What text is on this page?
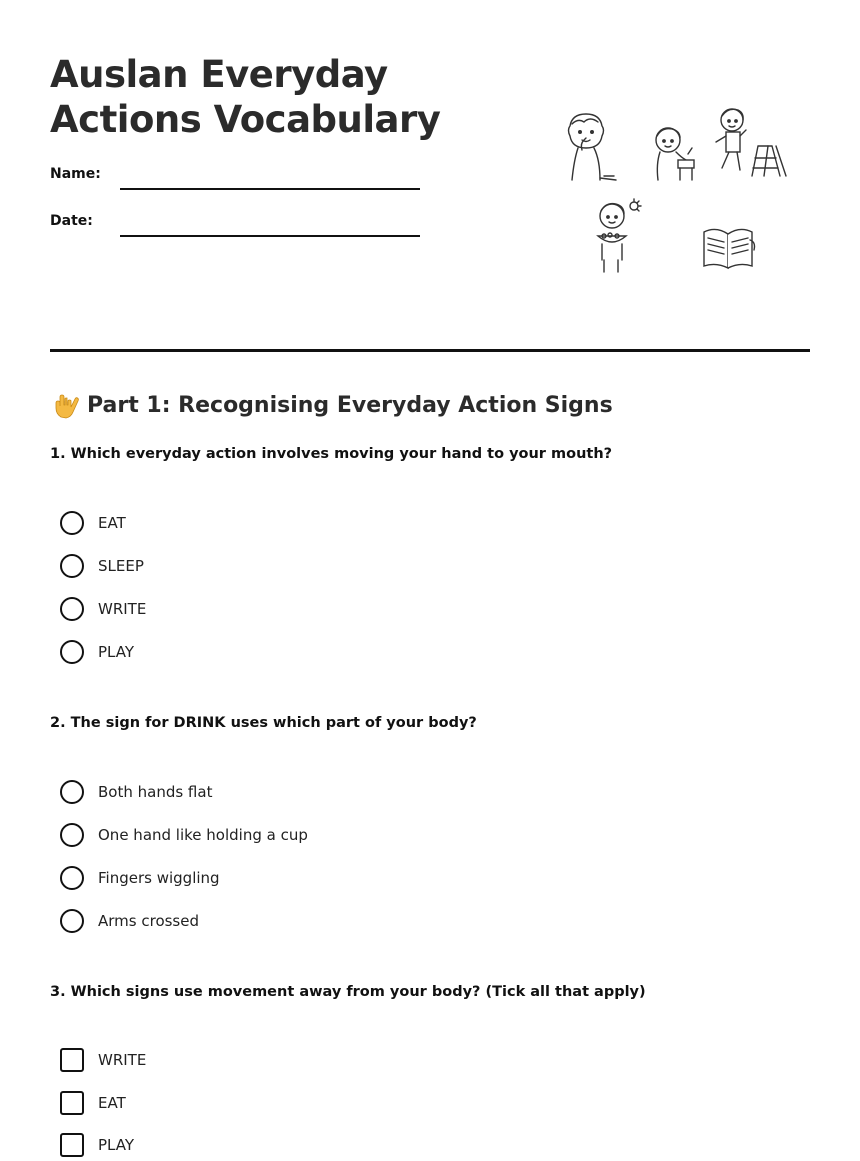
Auslan Everyday
Actions Vocabulary
Name:
Date:
Part 1: Recognising Everyday Action Signs
1. Which everyday action involves moving your hand to your mouth?
EAT
SLEEP
WRITE
PLAY
2. The sign for DRINK uses which part of your body?
Both hands flat
One hand like holding a cup
Fingers wiggling
Arms crossed
3. Which signs use movement away from your body? (Tick all that apply)
WRITE
EAT
PLAY
